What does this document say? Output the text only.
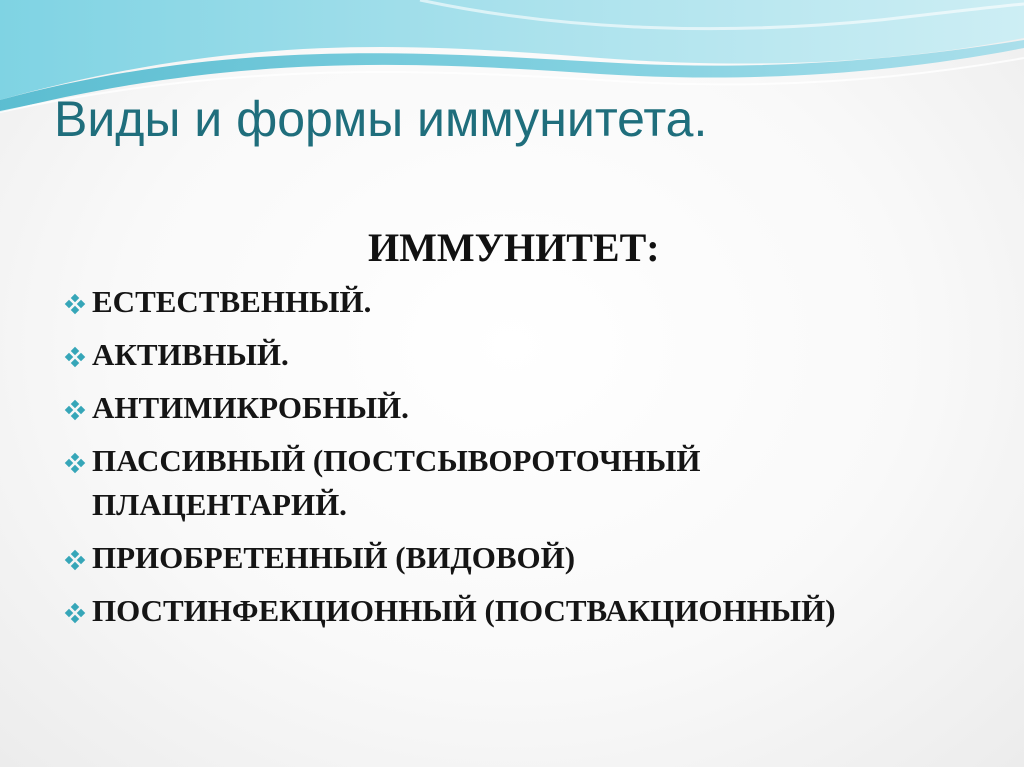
Виды и формы иммунитета.
ИММУНИТЕТ:
ЕСТЕСТВЕННЫЙ.
АКТИВНЫЙ.
АНТИМИКРОБНЫЙ.
ПАССИВНЫЙ (ПОСТСЫВОРОТОЧНЫЙ
ПЛАЦЕНТАРИЙ.
ПРИОБРЕТЕННЫЙ (ВИДОВОЙ)
ПОСТИНФЕКЦИОННЫЙ (ПОСТВАКЦИОННЫЙ)
